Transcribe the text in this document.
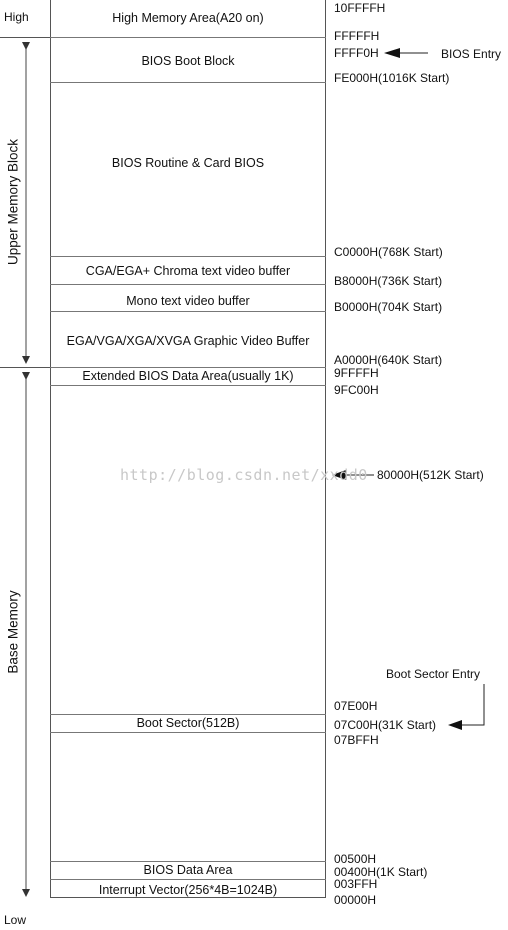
High
Low
Upper Memory Block
Base Memory
High Memory Area(A20 on)
BIOS Boot Block
BIOS Routine & Card BIOS
CGA/EGA+ Chroma text video buffer
Mono text video buffer
EGA/VGA/XGA/XVGA Graphic Video Buffer
Extended BIOS Data Area(usually 1K)
Boot Sector(512B)
BIOS Data Area
Interrupt Vector(256*4B=1024B)
10FFFFH
FFFFFH
FFFF0H
FE000H(1016K Start)
C0000H(768K Start)
B8000H(736K Start)
B0000H(704K Start)
A0000H(640K Start)
9FFFFH
9FC00H
80000H(512K Start)
07E00H
07C00H(31K Start)
07BFFH
00500H
00400H(1K Start)
003FFH
00000H
BIOS Entry
Boot Sector Entry
http://blog.csdn.net/xxdd0
